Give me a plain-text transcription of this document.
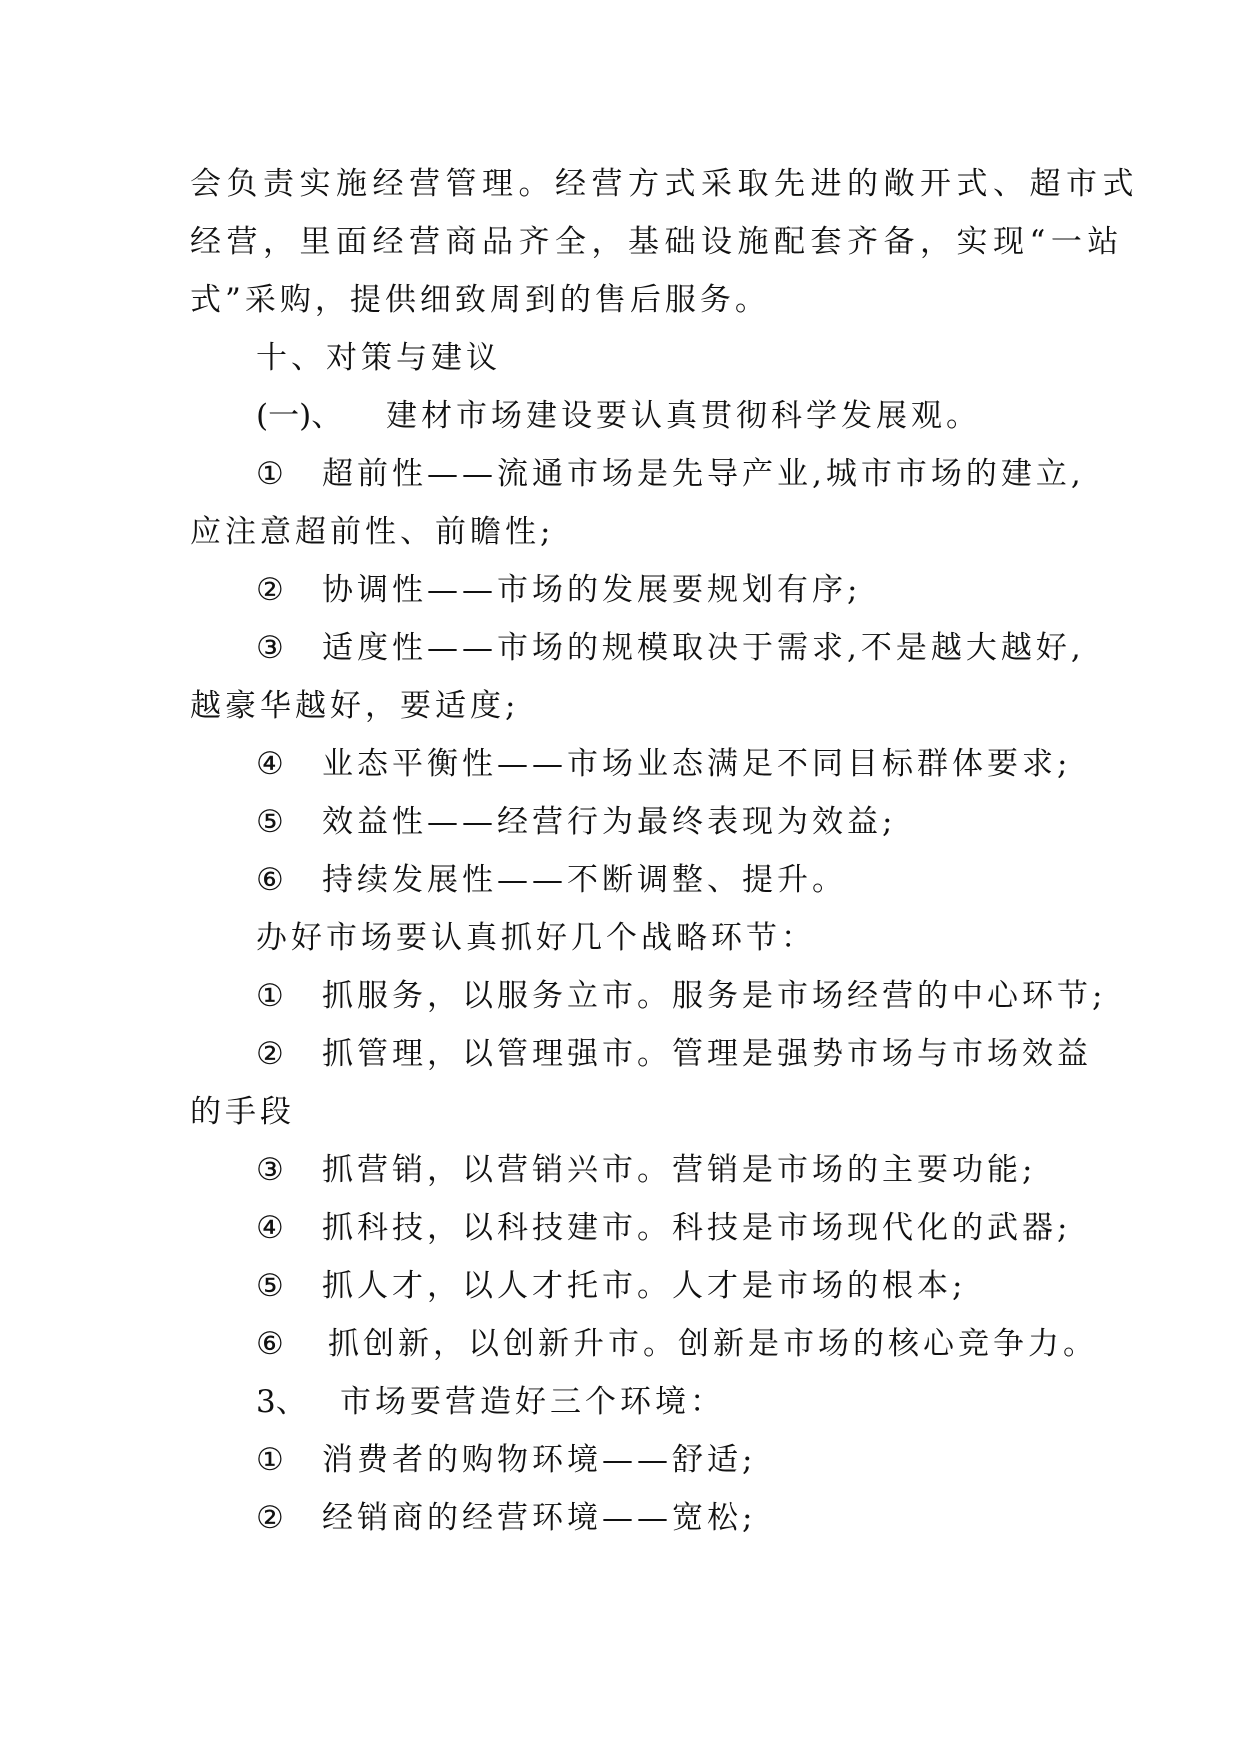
会负责实施经营管理。经营方式采取先进的敞开式、超市式
经营，里面经营商品齐全，基础设施配套齐备，实现“一站
式”采购，提供细致周到的售后服务。
十、对策与建议
(一)、 建材市场建设要认真贯彻科学发展观。
① 超前性——流通市场是先导产业,城市市场的建立,
应注意超前性、前瞻性;
② 协调性——市场的发展要规划有序;
③ 适度性——市场的规模取决于需求,不是越大越好,
越豪华越好，要适度;
④ 业态平衡性——市场业态满足不同目标群体要求;
⑤ 效益性——经营行为最终表现为效益;
⑥ 持续发展性——不断调整、提升。
办好市场要认真抓好几个战略环节：
① 抓服务，以服务立市。服务是市场经营的中心环节;
② 抓管理，以管理强市。管理是强势市场与市场效益
的手段
③ 抓营销，以营销兴市。营销是市场的主要功能;
④ 抓科技，以科技建市。科技是市场现代化的武器;
⑤ 抓人才，以人才托市。人才是市场的根本;
⑥ 抓创新，以创新升市。创新是市场的核心竞争力。
3、 市场要营造好三个环境：
① 消费者的购物环境——舒适;
② 经销商的经营环境——宽松;
